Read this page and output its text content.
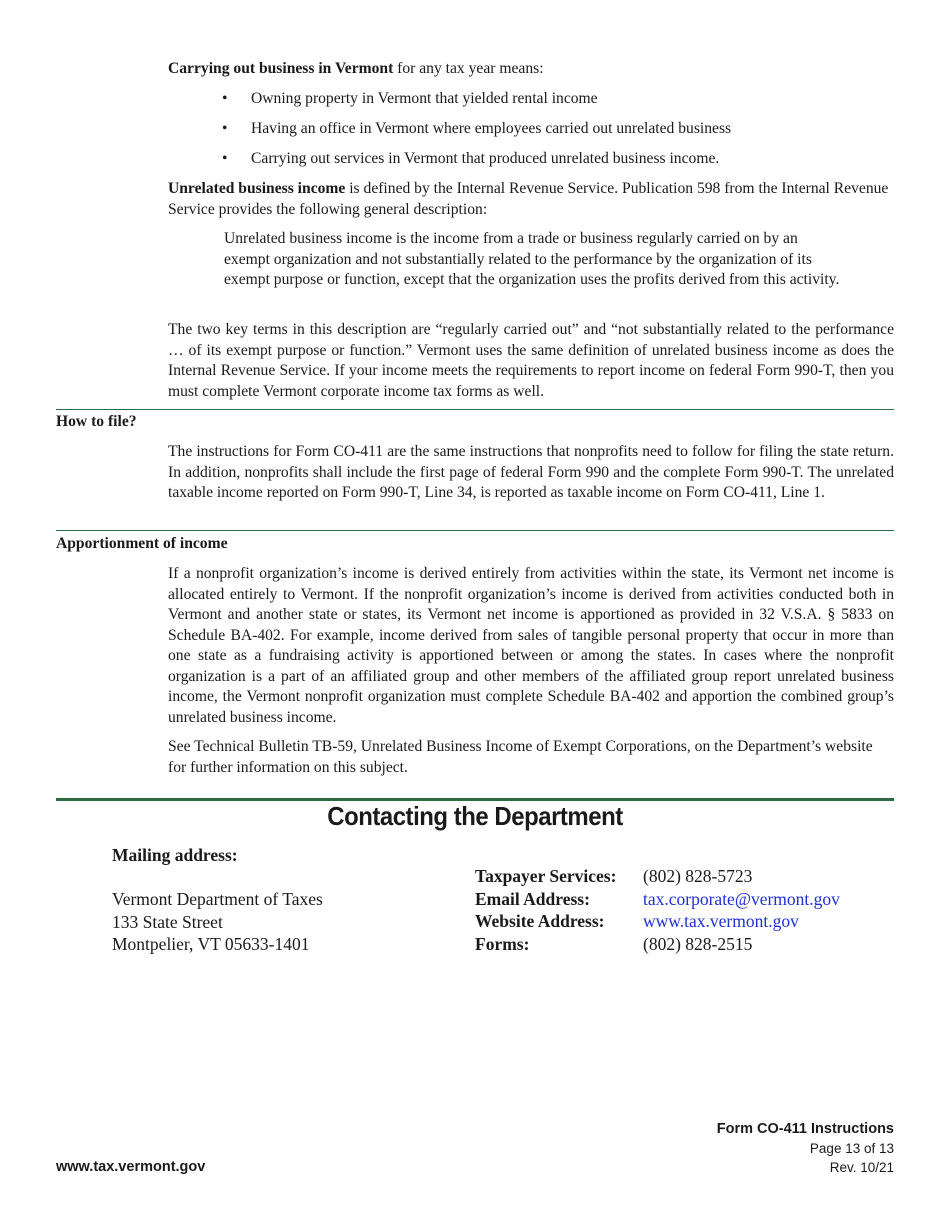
Carrying out business in Vermont for any tax year means:

• Owning property in Vermont that yielded rental income
• Having an office in Vermont where employees carried out unrelated business
• Carrying out services in Vermont that produced unrelated business income.

Unrelated business income is defined by the Internal Revenue Service. Publication 598 from the Internal Revenue Service provides the following general description:

Unrelated business income is the income from a trade or business regularly carried on by an exempt organization and not substantially related to the performance by the organization of its exempt purpose or function, except that the organization uses the profits derived from this activity.

The two key terms in this description are “regularly carried out” and “not substantially related to the performance … of its exempt purpose or function.” Vermont uses the same definition of unrelated business income as does the Internal Revenue Service. If your income meets the requirements to report income on federal Form 990-T, then you must complete Vermont corporate income tax forms as well.

How to file?

The instructions for Form CO-411 are the same instructions that nonprofits need to follow for filing the state return. In addition, nonprofits shall include the first page of federal Form 990 and the complete Form 990-T. The unrelated taxable income reported on Form 990-T, Line 34, is reported as taxable income on Form CO-411, Line 1.

Apportionment of income

If a nonprofit organization’s income is derived entirely from activities within the state, its Vermont net income is allocated entirely to Vermont. If the nonprofit organization’s income is derived from activities conducted both in Vermont and another state or states, its Vermont net income is apportioned as provided in 32 V.S.A. § 5833 on Schedule BA-402. For example, income derived from sales of tangible personal property that occur in more than one state as a fundraising activity is apportioned between or among the states. In cases where the nonprofit organization is a part of an affiliated group and other members of the affiliated group report unrelated business income, the Vermont nonprofit organization must complete Schedule BA-402 and apportion the combined group’s unrelated business income.

See Technical Bulletin TB-59, Unrelated Business Income of Exempt Corporations, on the Department’s website for further information on this subject.

Contacting the Department
Mailing address:
Vermont Department of Taxes
133 State Street
Montpelier, VT 05633-1401
Taxpayer Services:
Email Address:
Website Address:
Forms:
(802) 828-5723
tax.corporate@vermont.gov
www.tax.vermont.gov
(802) 828-2515
www.tax.vermont.gov
Form CO-411 Instructions
Page 13 of 13
Rev. 10/21
